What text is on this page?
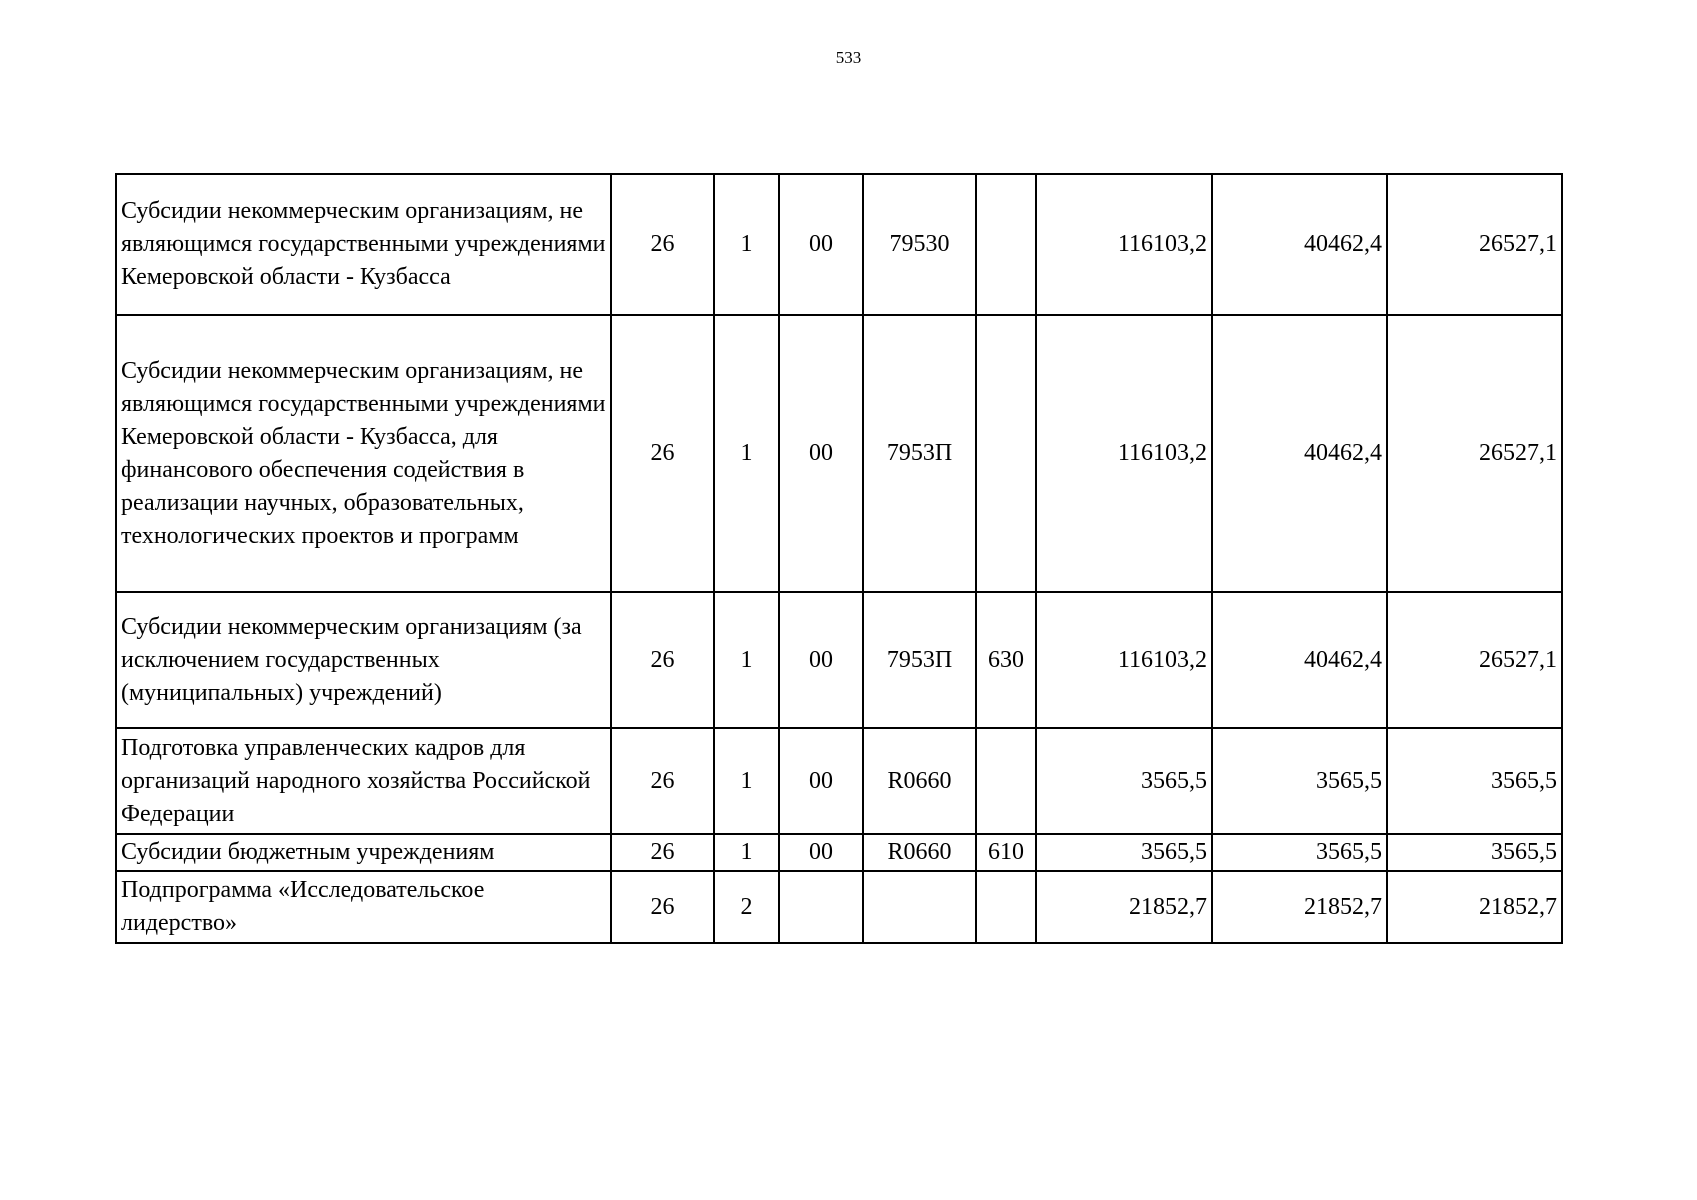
533
Субсидии некоммерческим организациям, не являющимся государственными учреждениями Кемеровской области - Кузбасса	26	1	00	79530		116103,2	40462,4	26527,1
Субсидии некоммерческим организациям, не являющимся государственными учреждениями Кемеровской области - Кузбасса, для финансового обеспечения содействия в реализации научных, образовательных, технологических проектов и программ	26	1	00	7953П		116103,2	40462,4	26527,1
Субсидии некоммерческим организациям (за исключением государственных (муниципальных) учреждений)	26	1	00	7953П	630	116103,2	40462,4	26527,1
Подготовка управленческих кадров для организаций народного хозяйства Российской Федерации	26	1	00	R0660		3565,5	3565,5	3565,5
Субсидии бюджетным учреждениям	26	1	00	R0660	610	3565,5	3565,5	3565,5
Подпрограмма «Исследовательское лидерство»	26	2				21852,7	21852,7	21852,7
